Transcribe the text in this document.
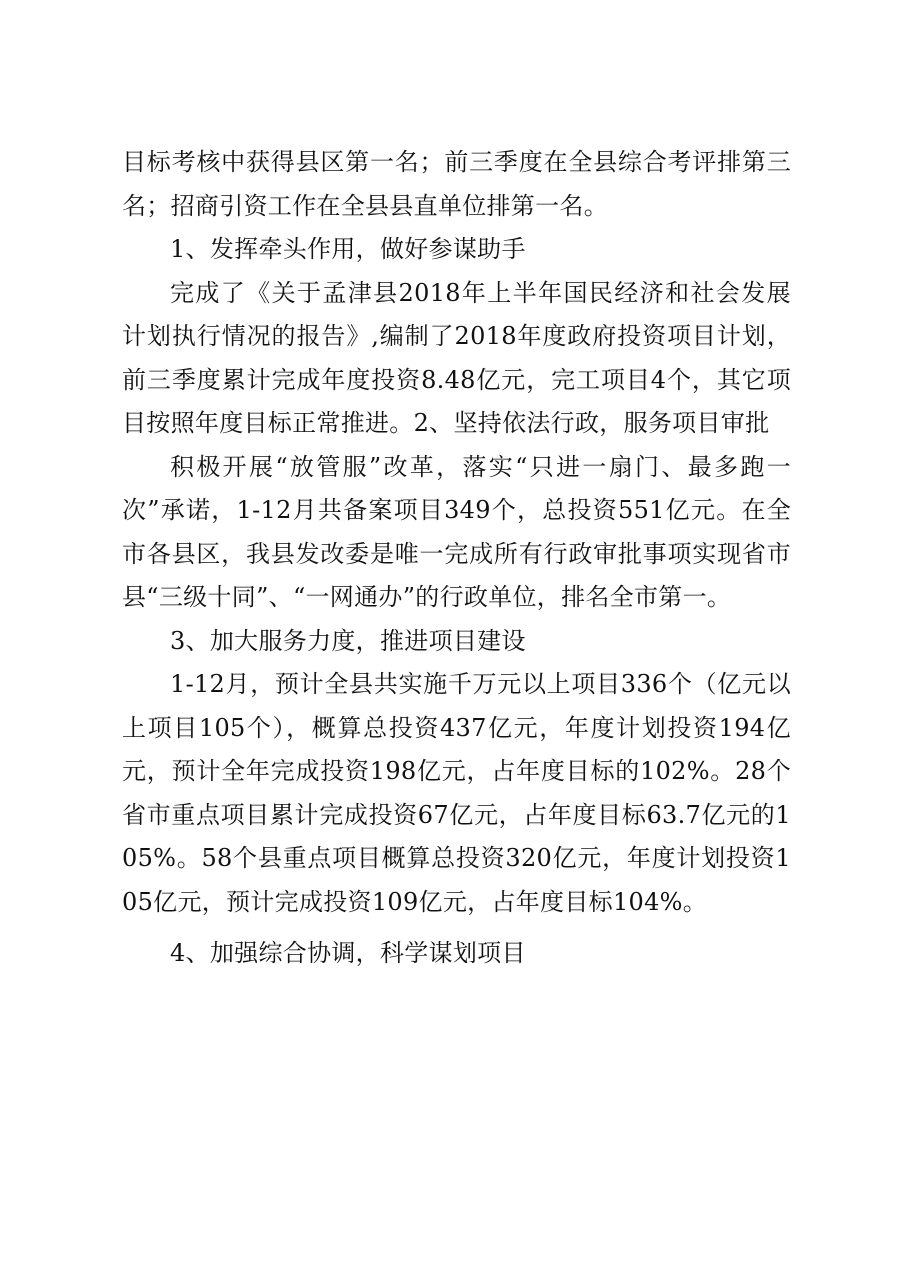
目标考核中获得县区第一名；前三季度在全县综合考评排第三名；招商引资工作在全县县直单位排第一名。

1、发挥牵头作用，做好参谋助手

完成了《关于孟津县2018年上半年国民经济和社会发展计划执行情况的报告》,编制了2018年度政府投资项目计划，前三季度累计完成年度投资8.48亿元，完工项目4个，其它项目按照年度目标正常推进。2、坚持依法行政，服务项目审批

积极开展“放管服”改革，落实“只进一扇门、最多跑一次”承诺，1-12月共备案项目349个，总投资551亿元。在全市各县区，我县发改委是唯一完成所有行政审批事项实现省市县“三级十同”、“一网通办”的行政单位，排名全市第一。

3、加大服务力度，推进项目建设

1-12月，预计全县共实施千万元以上项目336个（亿元以上项目105个），概算总投资437亿元，年度计划投资194亿元，预计全年完成投资198亿元，占年度目标的102%。28个省市重点项目累计完成投资67亿元，占年度目标63.7亿元的105%。58个县重点项目概算总投资320亿元，年度计划投资105亿元，预计完成投资109亿元，占年度目标104%。

4、加强综合协调，科学谋划项目
